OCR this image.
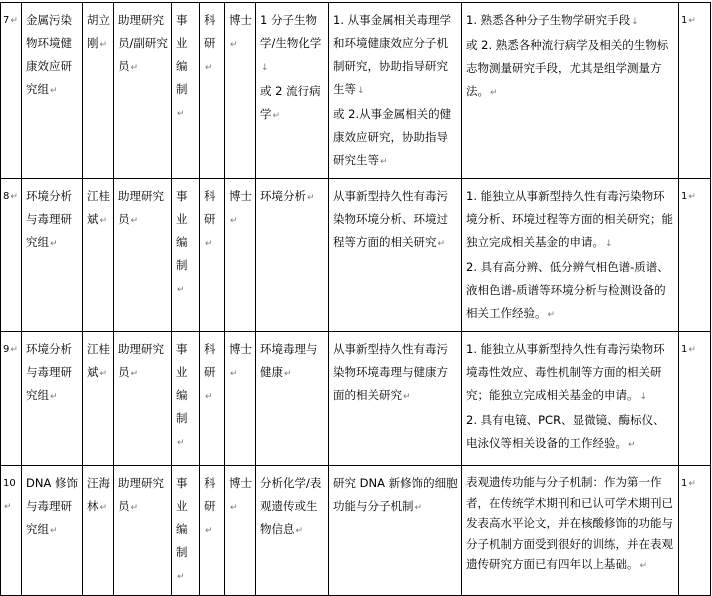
7↵	金属污染物环境健康效应研究组↵	胡立刚↵	助理研究员/副研究员↵	事业编制↵	科研↵	博士↵	1 分子生物学/生物化学↓
或 2 流行病学↵	1. 从事金属相关毒理学和环境健康效应分子机制研究，协助指导研究生等↓
或 2.从事金属相关的健康效应研究，协助指导研究生等↵	1. 熟悉各种分子生物学研究手段↓
或 2. 熟悉各种流行病学及相关的生物标志物测量研究手段，尤其是组学测量方法。↵	1↵
8↵	环境分析与毒理研究组↵	江桂斌↵	助理研究员↵	事业编制↵	科研↵	博士↵	环境分析↵	从事新型持久性有毒污染物环境分析、环境过程等方面的相关研究↵	1. 能独立从事新型持久性有毒污染物环境分析、环境过程等方面的相关研究；能独立完成相关基金的申请。↓
2. 具有高分辨、低分辨气相色谱-质谱、液相色谱-质谱等环境分析与检测设备的相关工作经验。↵	1↵
9↵	环境分析与毒理研究组↵	江桂斌↵	助理研究员↵	事业编制↵	科研↵	博士↵	环境毒理与健康↵	从事新型持久性有毒污染物环境毒理与健康方面的相关研究↵	1. 能独立从事新型持久性有毒污染物环境毒性效应、毒性机制等方面的相关研究；能独立完成相关基金的申请。↓
2. 具有电镜、PCR、显微镜、酶标仪、电泳仪等相关设备的工作经验。↵	1↵
10↵	DNA 修饰与毒理研究组↵	汪海林↵	助理研究员↵	事业编制↵	科研↵	博士↵	分析化学/表观遗传或生物信息↵	研究 DNA 新修饰的细胞功能与分子机制↵	表观遗传功能与分子机制：作为第一作者，在传统学术期刊和已认可学术期刊已发表高水平论文，并在核酸修饰的功能与分子机制方面受到很好的训练，并在表观遗传研究方面已有四年以上基础。↵	1↵
